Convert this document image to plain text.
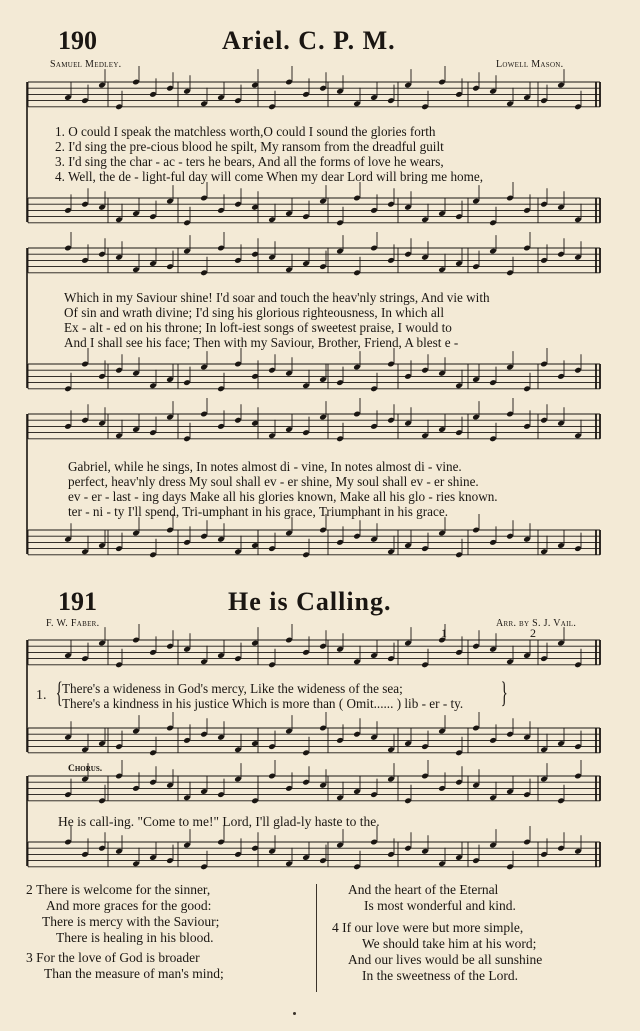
190	Ariel. C. P. M.
Samuel Medley.	Lowell Mason.
1. O could I speak the matchless worth,O could I sound the glories forth
2. I'd sing the pre-cious blood he spilt, My ransom from the dreadful guilt
3. I'd sing the char - ac - ters he bears, And all the forms of love he wears,
4. Well, the de - light-ful day will come When my dear Lord will bring me home,
Which in my Saviour shine! I'd soar and touch the heav'nly strings, And vie with
Of sin and wrath divine; I'd sing his glorious righteousness, In which all
Ex - alt - ed on his throne; In loft-iest songs of sweetest praise, I would to
And I shall see his face; Then with my Saviour, Brother, Friend, A blest e -
Gabriel, while he sings, In notes almost di - vine, In notes almost di - vine.
perfect, heav'nly dress My soul shall ev - er shine, My soul shall ev - er shine.
ev - er - last - ing days Make all his glories known, Make all his glo - ries known.
ter - ni - ty I'll spend, Tri-umphant in his grace, Triumphant in his grace.
191	He is Calling.
F. W. Faber.	Arr. by S. J. Vail.
1	2
1. { There's a wideness in God's mercy, Like the wideness of the sea;
There's a kindness in his justice Which is more than ( Omit...... ) lib - er - ty. }
Chorus.
He is call-ing. "Come to me!" Lord, I'll glad-ly haste to the.
2 There is welcome for the sinner,
And more graces for the good:
There is mercy with the Saviour;
There is healing in his blood.
3 For the love of God is broader
Than the measure of man's mind;
And the heart of the Eternal
Is most wonderful and kind.
4 If our love were but more simple,
We should take him at his word;
And our lives would be all sunshine
In the sweetness of the Lord.
